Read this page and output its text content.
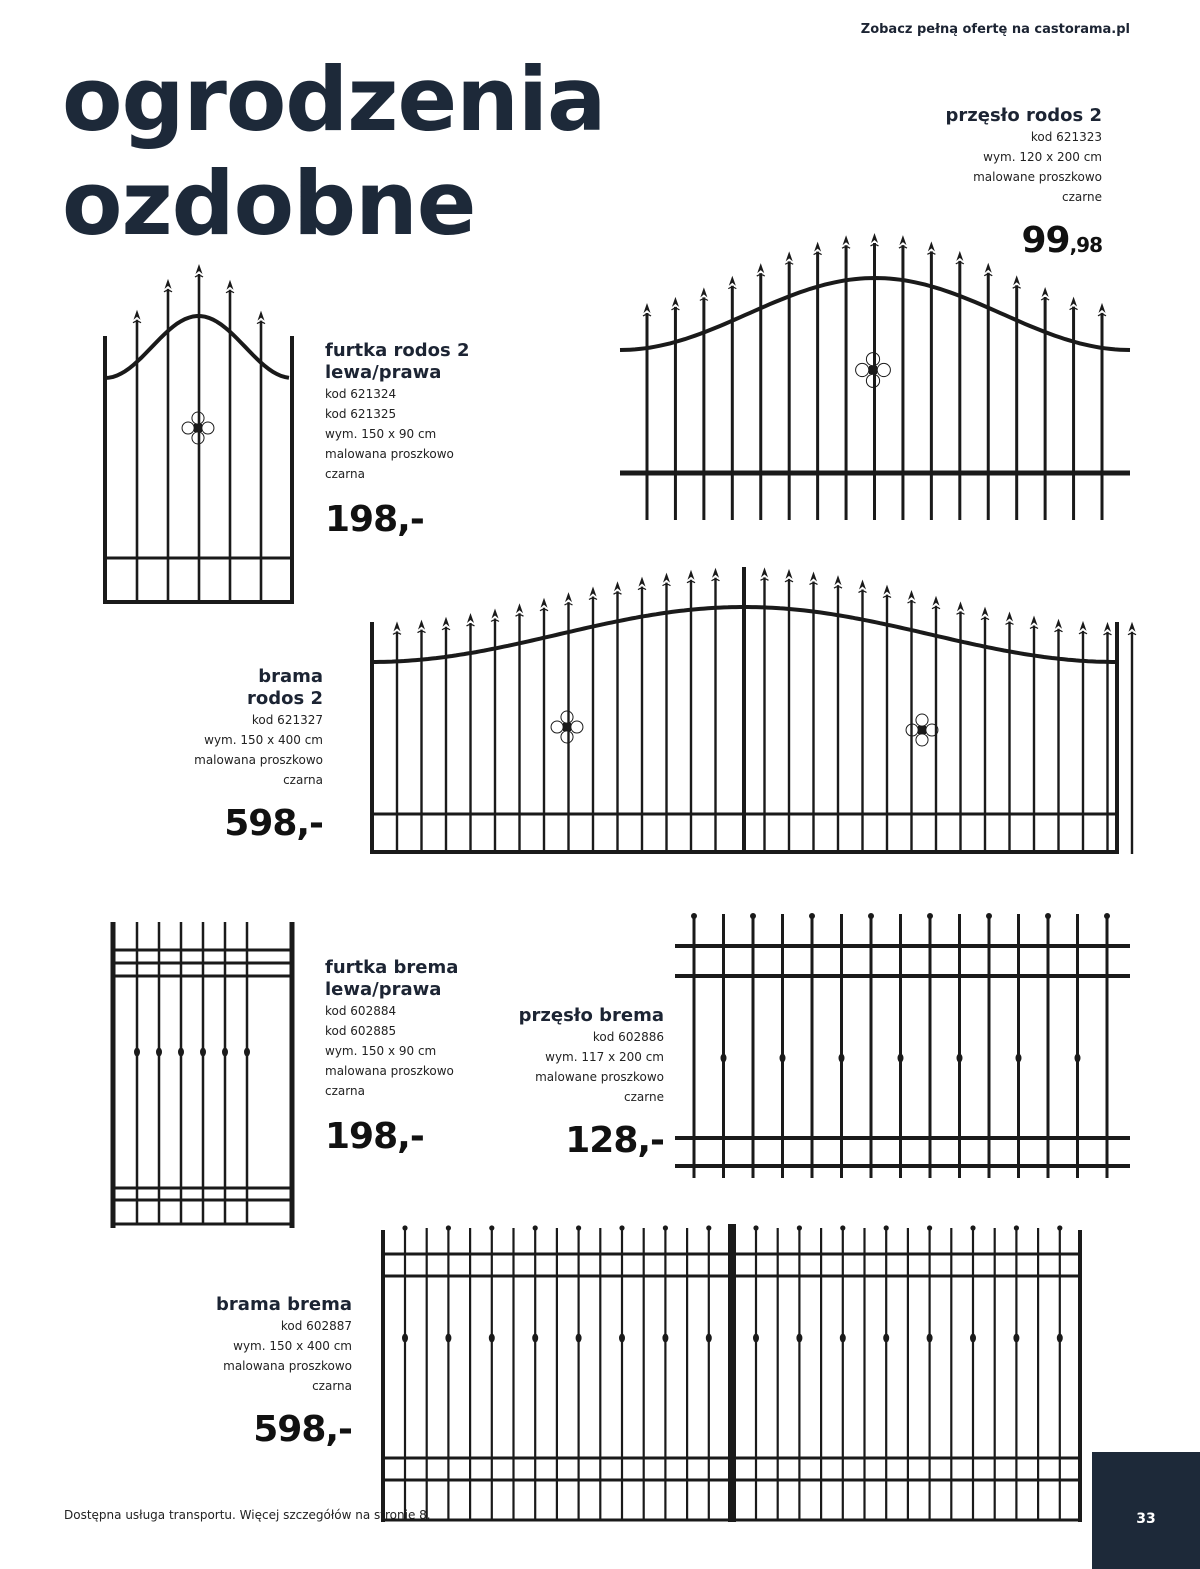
Zobacz pełną ofertę na castorama.pl
ogrodzenia
ozdobne
przęsło rodos 2
kod 621323
wym. 120 x 200 cm
malowane proszkowo
czarne
99,98
furtka rodos 2
lewa/prawa
kod 621324
kod 621325
wym. 150 x 90 cm
malowana proszkowo
czarna
198,-
brama
rodos 2
kod 621327
wym. 150 x 400 cm
malowana proszkowo
czarna
598,-
furtka brema
lewa/prawa
kod 602884
kod 602885
wym. 150 x 90 cm
malowana proszkowo
czarna
198,-
przęsło brema
kod 602886
wym. 117 x 200 cm
malowane proszkowo
czarne
128,-
brama brema
kod 602887
wym. 150 x 400 cm
malowana proszkowo
czarna
598,-
Dostępna usługa transportu. Więcej szczegółów na stronie 8.	33
